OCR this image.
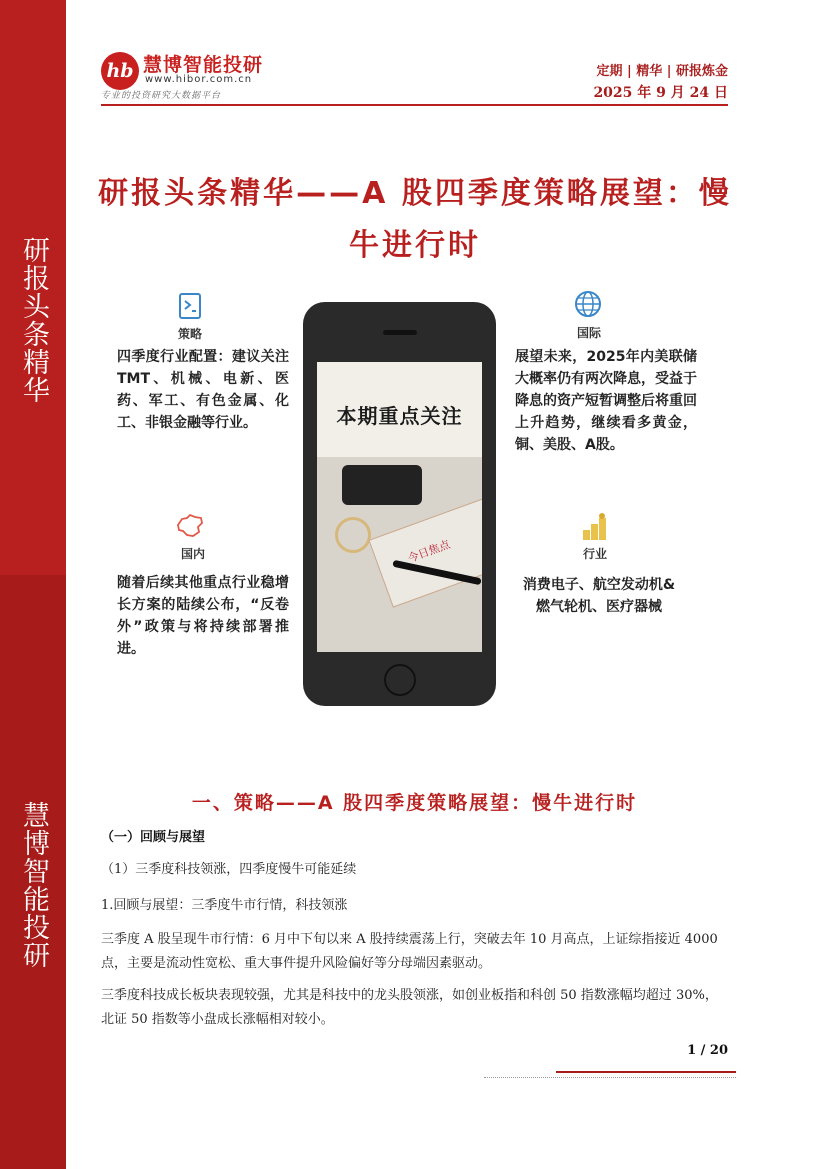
研报头条精华
慧博智能投研
hb 慧博智能投研
www.hibor.com.cn
专业的投资研究大数据平台
定期 | 精华 | 研报炼金
2025 年 9 月 24 日
研报头条精华——A 股四季度策略展望：慢牛进行时
本期重点关注
今日焦点
策略
四季度行业配置：建议关注TMT、机械、电新、医药、军工、有色金属、化工、非银金融等行业。
国际
展望未来，2025年内美联储大概率仍有两次降息，受益于降息的资产短暂调整后将重回上升趋势，继续看多黄金，铜、美股、A股。
国内
随着后续其他重点行业稳增长方案的陆续公布，“反卷外”政策与将持续部署推进。
行业
消费电子、航空发动机&燃气轮机、医疗器械
一、策略——A 股四季度策略展望：慢牛进行时
（一）回顾与展望
（1）三季度科技领涨，四季度慢牛可能延续
1.回顾与展望：三季度牛市行情，科技领涨
三季度 A 股呈现牛市行情：6 月中下旬以来 A 股持续震荡上行，突破去年 10 月高点，上证综指接近 4000 点，主要是流动性宽松、重大事件提升风险偏好等分母端因素驱动。
三季度科技成长板块表现较强，尤其是科技中的龙头股领涨，如创业板指和科创 50 指数涨幅均超过 30%，北证 50 指数等小盘成长涨幅相对较小。
1 / 20
